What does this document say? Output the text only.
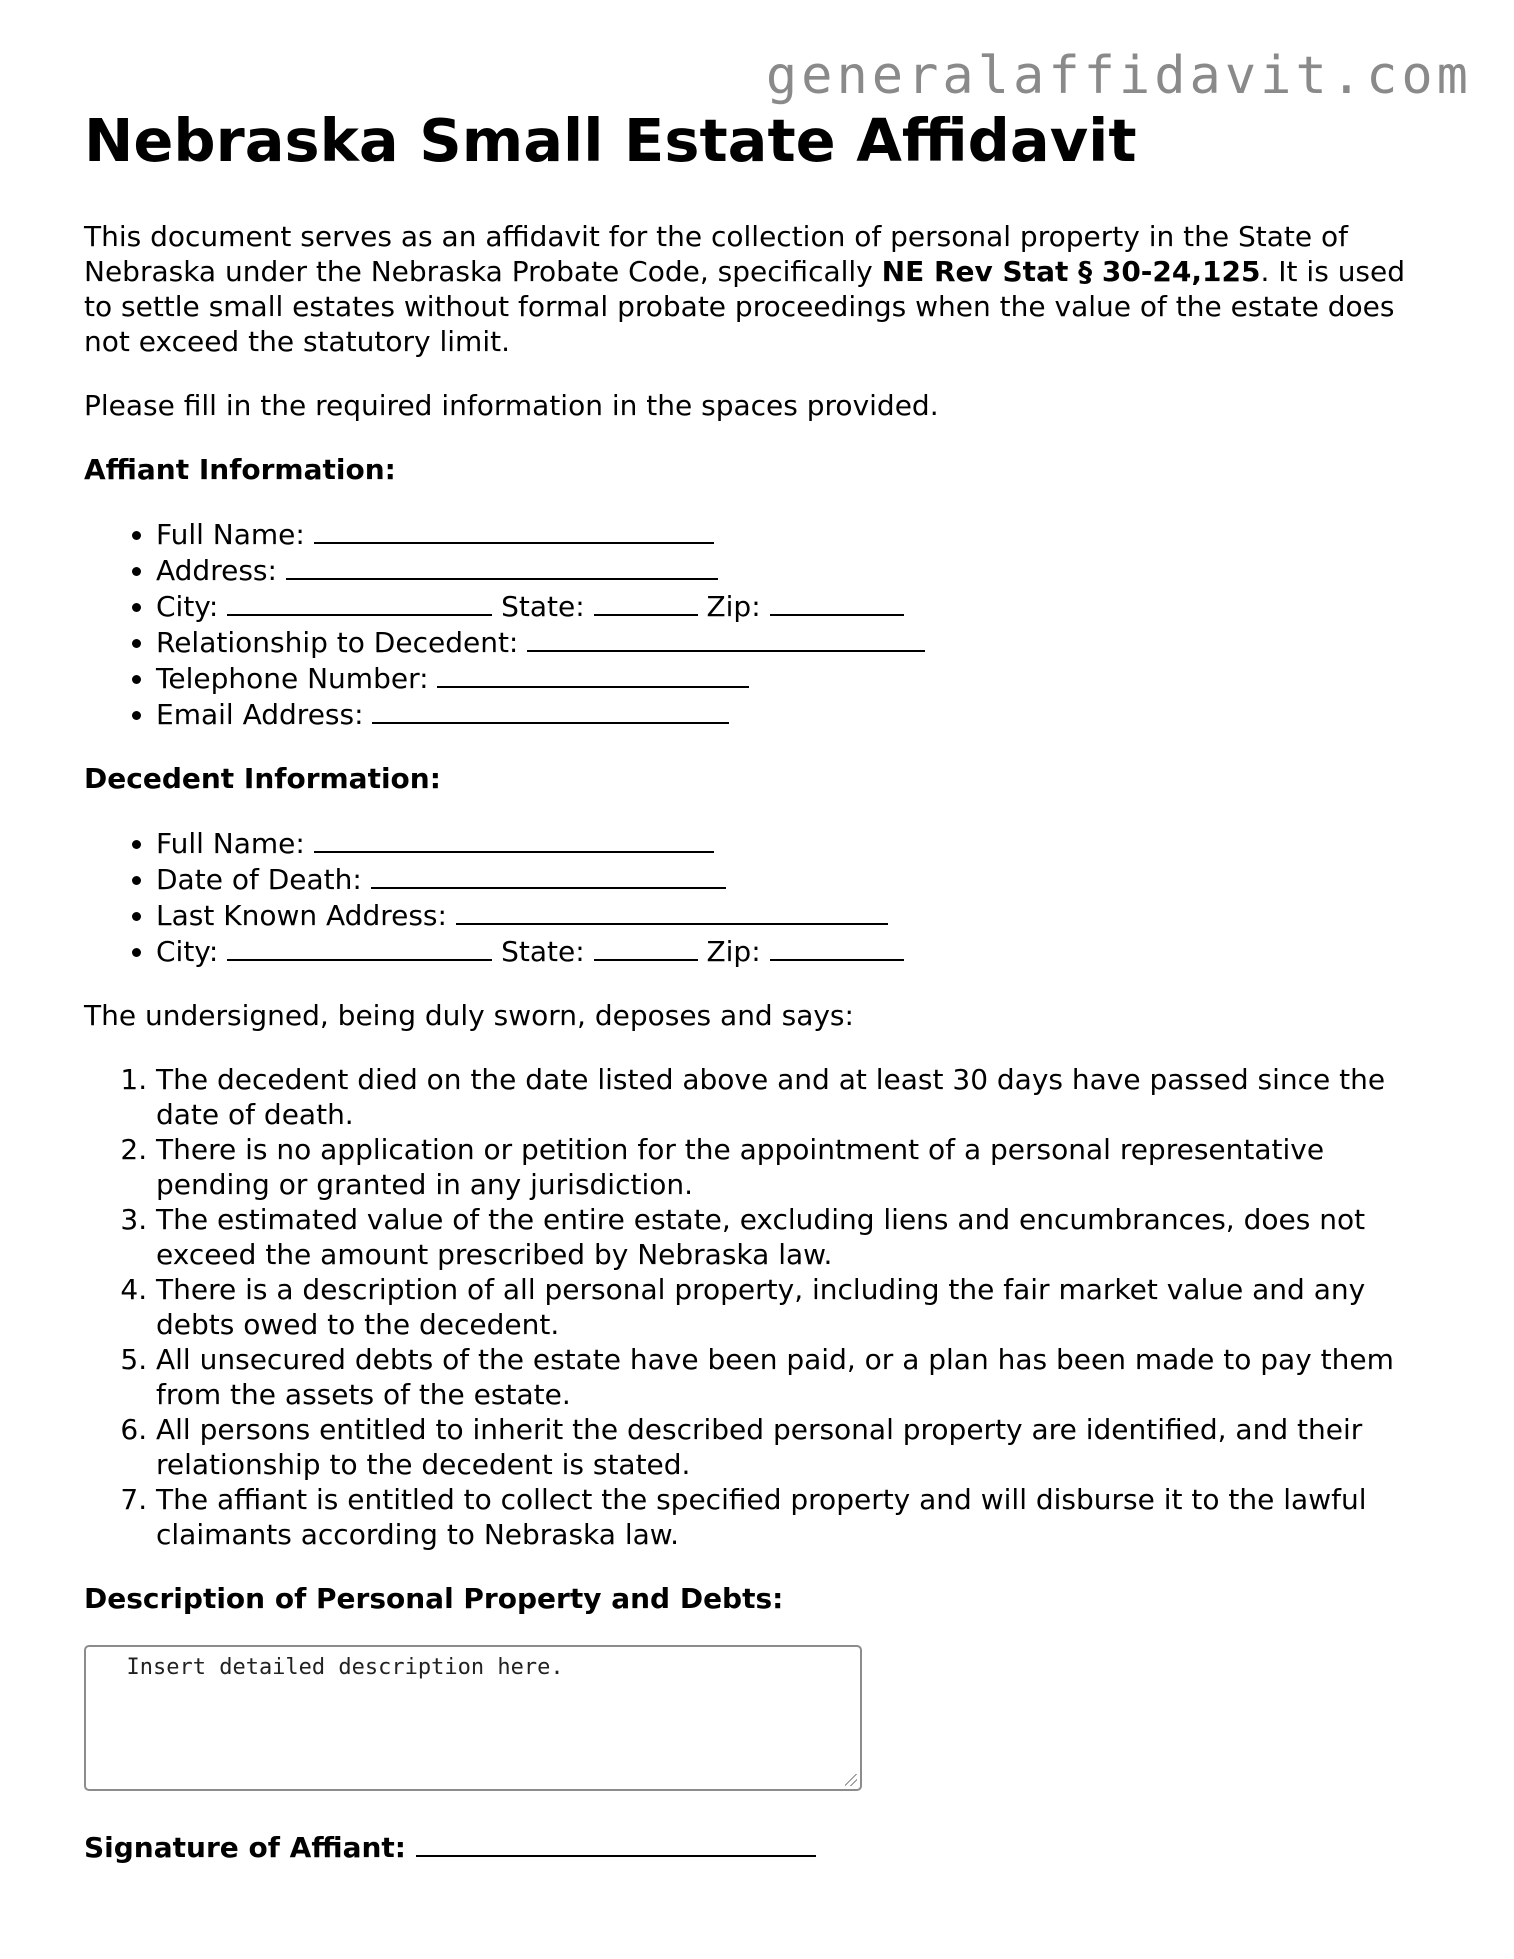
generalaffidavit.com
Nebraska Small Estate Affidavit

This document serves as an affidavit for the collection of personal property in the State of Nebraska under the Nebraska Probate Code, specifically NE Rev Stat § 30-24,125. It is used to settle small estates without formal probate proceedings when the value of the estate does not exceed the statutory limit.

Please fill in the required information in the spaces provided.

Affiant Information:

• Full Name:
• Address:
• City:	State:	Zip:
• Relationship to Decedent:
• Telephone Number:
• Email Address:

Decedent Information:

• Full Name:
• Date of Death:
• Last Known Address:
• City:	State:	Zip:

The undersigned, being duly sworn, deposes and says:

1. The decedent died on the date listed above and at least 30 days have passed since the date of death.
2. There is no application or petition for the appointment of a personal representative pending or granted in any jurisdiction.
3. The estimated value of the entire estate, excluding liens and encumbrances, does not exceed the amount prescribed by Nebraska law.
4. There is a description of all personal property, including the fair market value and any debts owed to the decedent.
5. All unsecured debts of the estate have been paid, or a plan has been made to pay them from the assets of the estate.
6. All persons entitled to inherit the described personal property are identified, and their relationship to the decedent is stated.
7. The affiant is entitled to collect the specified property and will disburse it to the lawful claimants according to Nebraska law.

Description of Personal Property and Debts:

Insert detailed description here.
Signature of Affiant:
